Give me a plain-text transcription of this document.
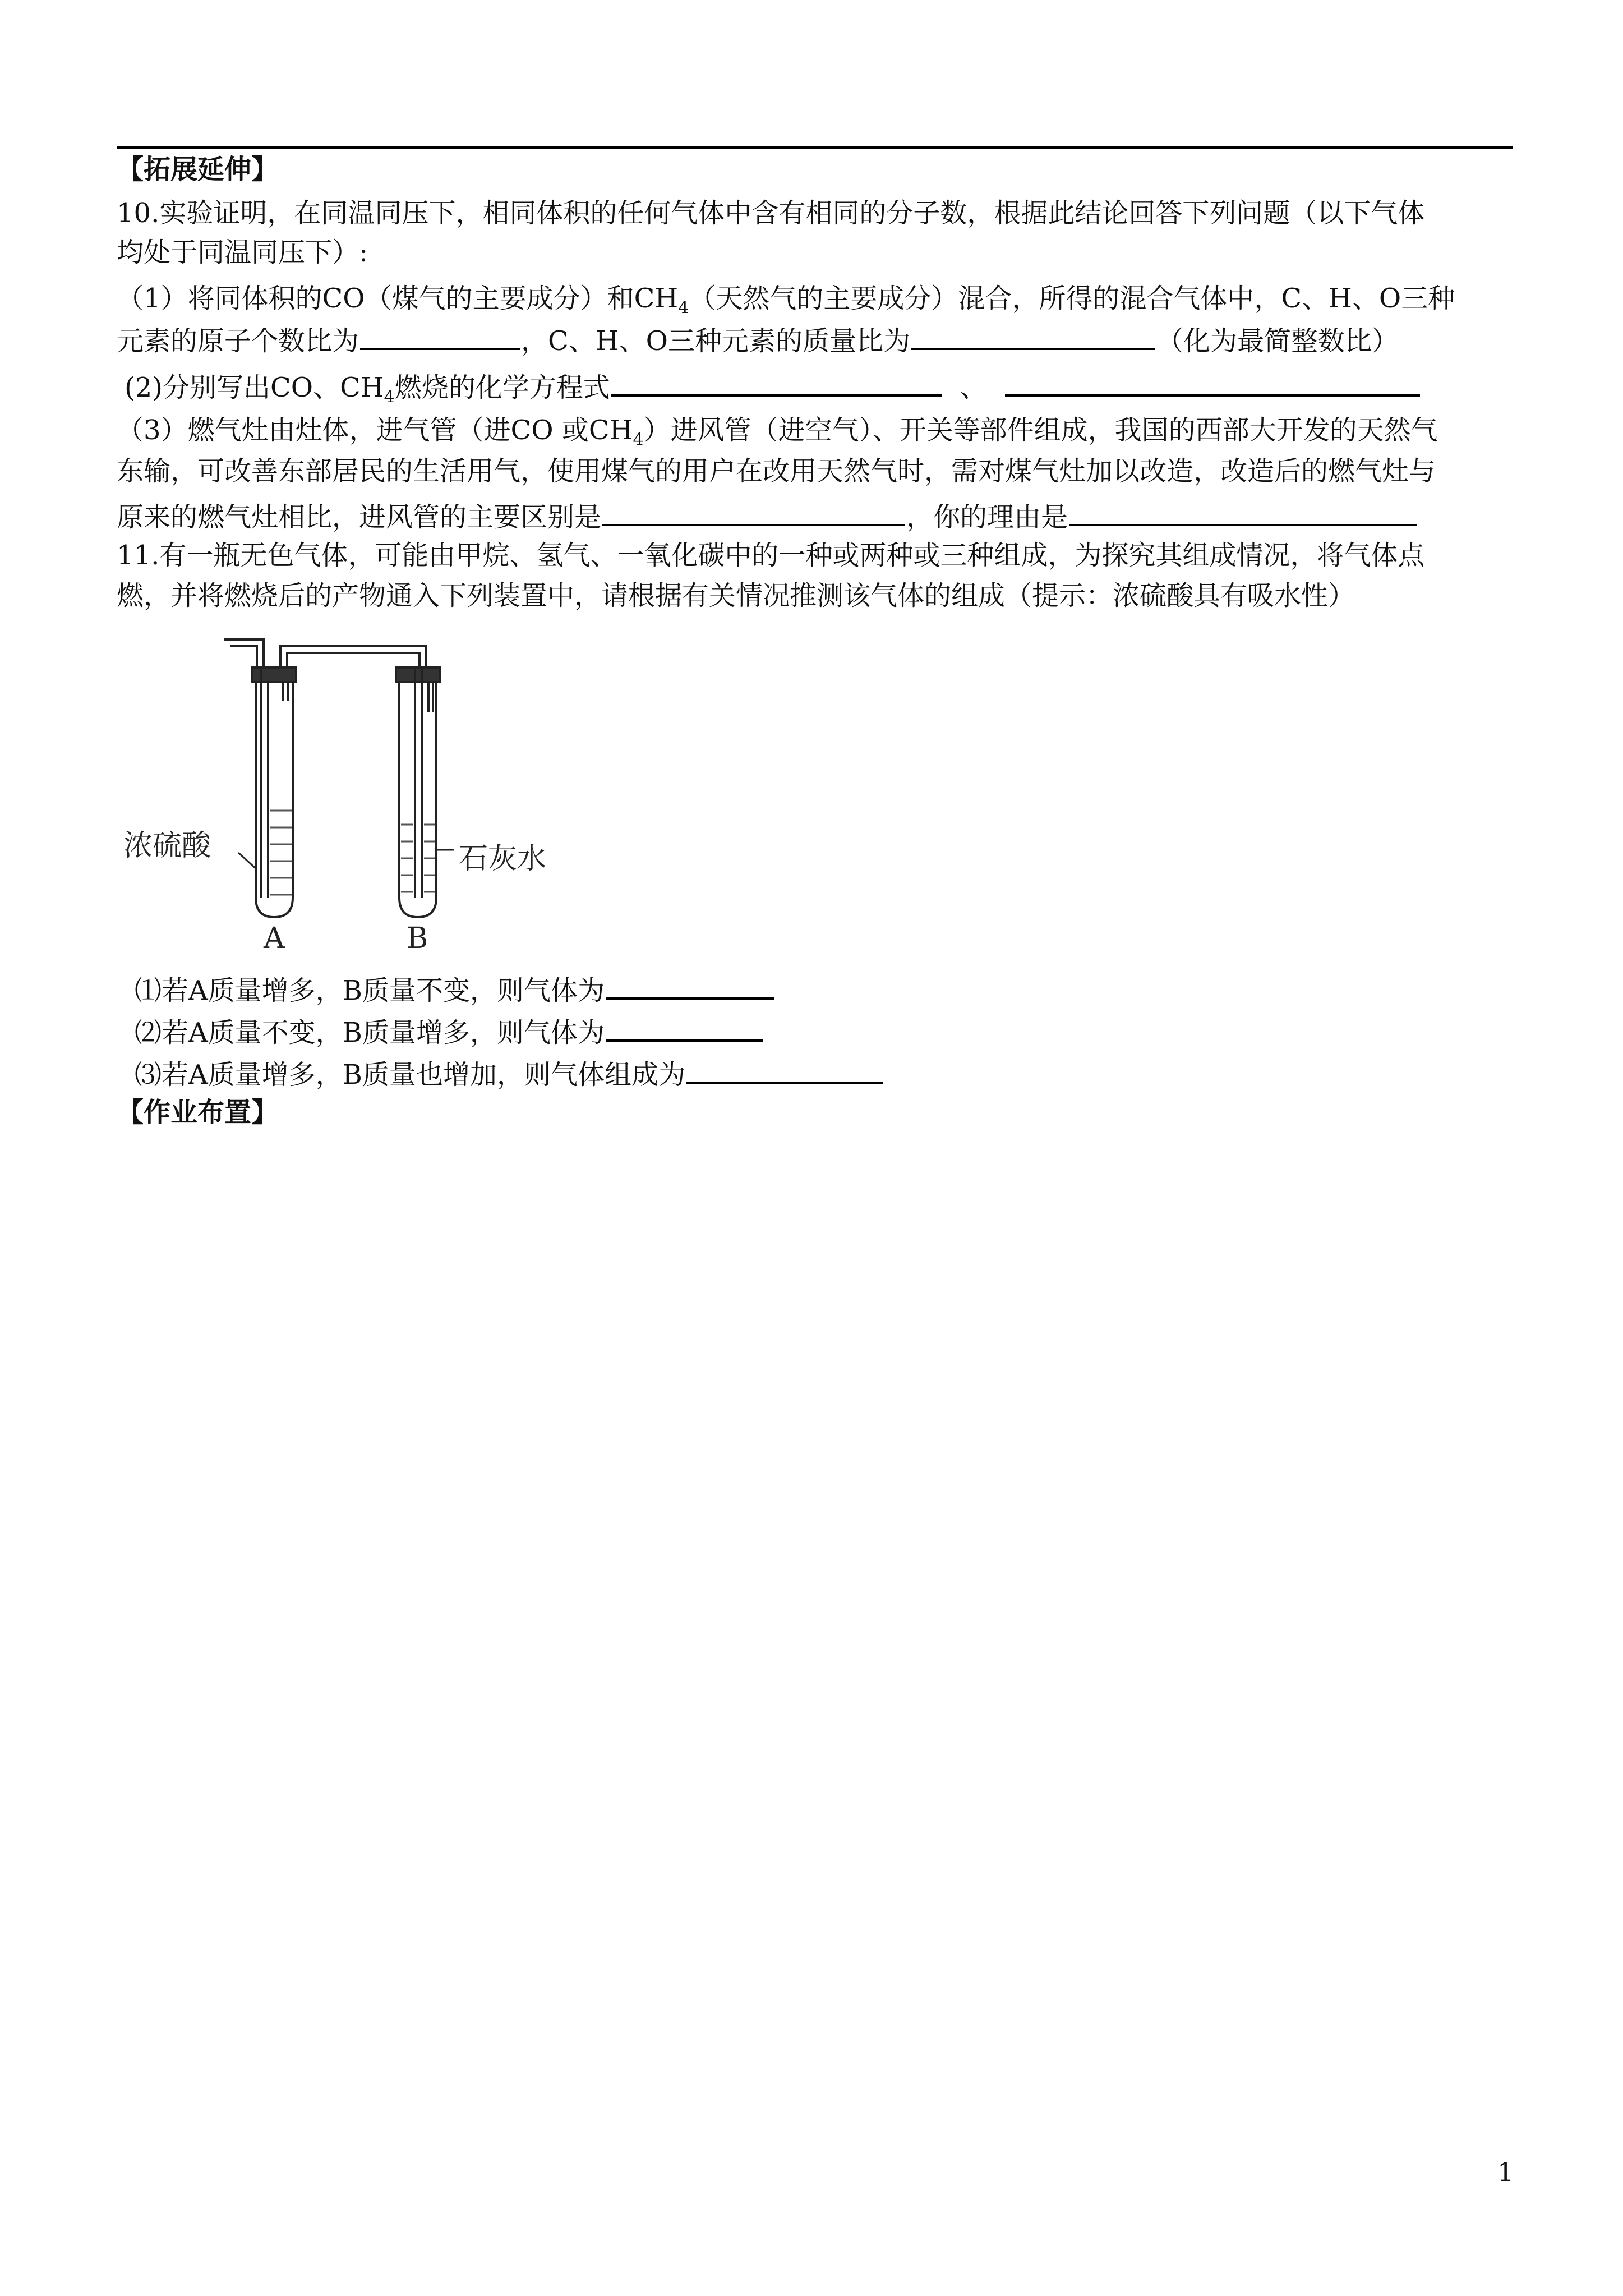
【拓展延伸】
10.实验证明，在同温同压下，相同体积的任何气体中含有相同的分子数，根据此结论回答下列问题（以下气体
均处于同温同压下）:
（1）将同体积的CO（煤气的主要成分）和$CH_4$（天然气的主要成分）混合，所得的混合气体中，C、H、O三种
元素的原子个数比为	，C、H、O三种元素的质量比为	（化为最简整数比）
(2)分别写出CO、$CH_4$燃烧的化学方程式	、
（3）燃气灶由灶体，进气管（进CO 或$CH_4$）进风管（进空气）、开关等部件组成，我国的西部大开发的天然气
东输，可改善东部居民的生活用气，使用煤气的用户在改用天然气时，需对煤气灶加以改造，改造后的燃气灶与
原来的燃气灶相比，进风管的主要区别是	，你的理由是
11.有一瓶无色气体，可能由甲烷、氢气、一氧化碳中的一种或两种或三种组成，为探究其组成情况，将气体点
燃，并将燃烧后的产物通入下列装置中，请根据有关情况推测该气体的组成（提示：浓硫酸具有吸水性）
浓硫酸	石灰水
A	B
⑴若A质量增多，B质量不变，则气体为
⑵若A质量不变，B质量增多，则气体为
⑶若A质量增多，B质量也增加，则气体组成为
【作业布置】
1
